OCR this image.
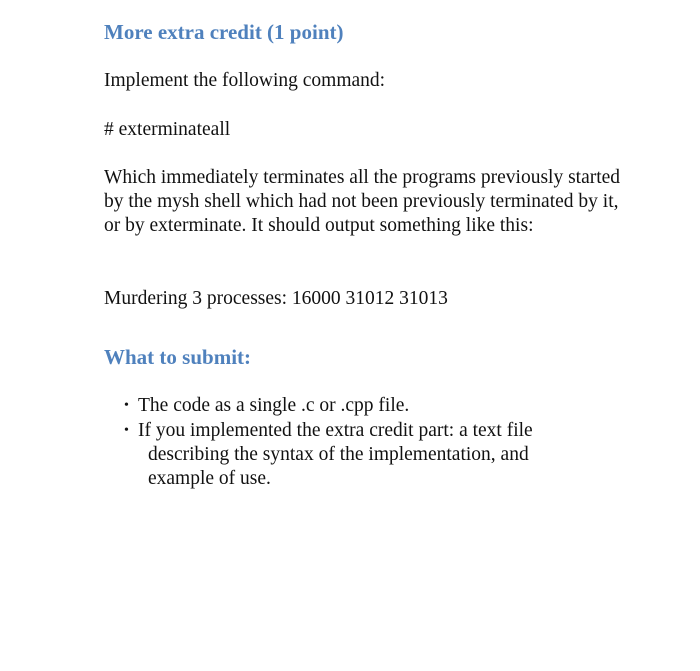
More extra credit (1 point)

Implement the following command:

# exterminateall

Which immediately terminates all the programs previously started by the mysh shell which had not been previously terminated by it, or by exterminate. It should output something like this:

Murdering 3 processes: 16000 31012 31013

What to submit:
• The code as a single .c or .cpp file.
• If you implemented the extra credit part: a text file
describing the syntax of the implementation, and
example of use.
